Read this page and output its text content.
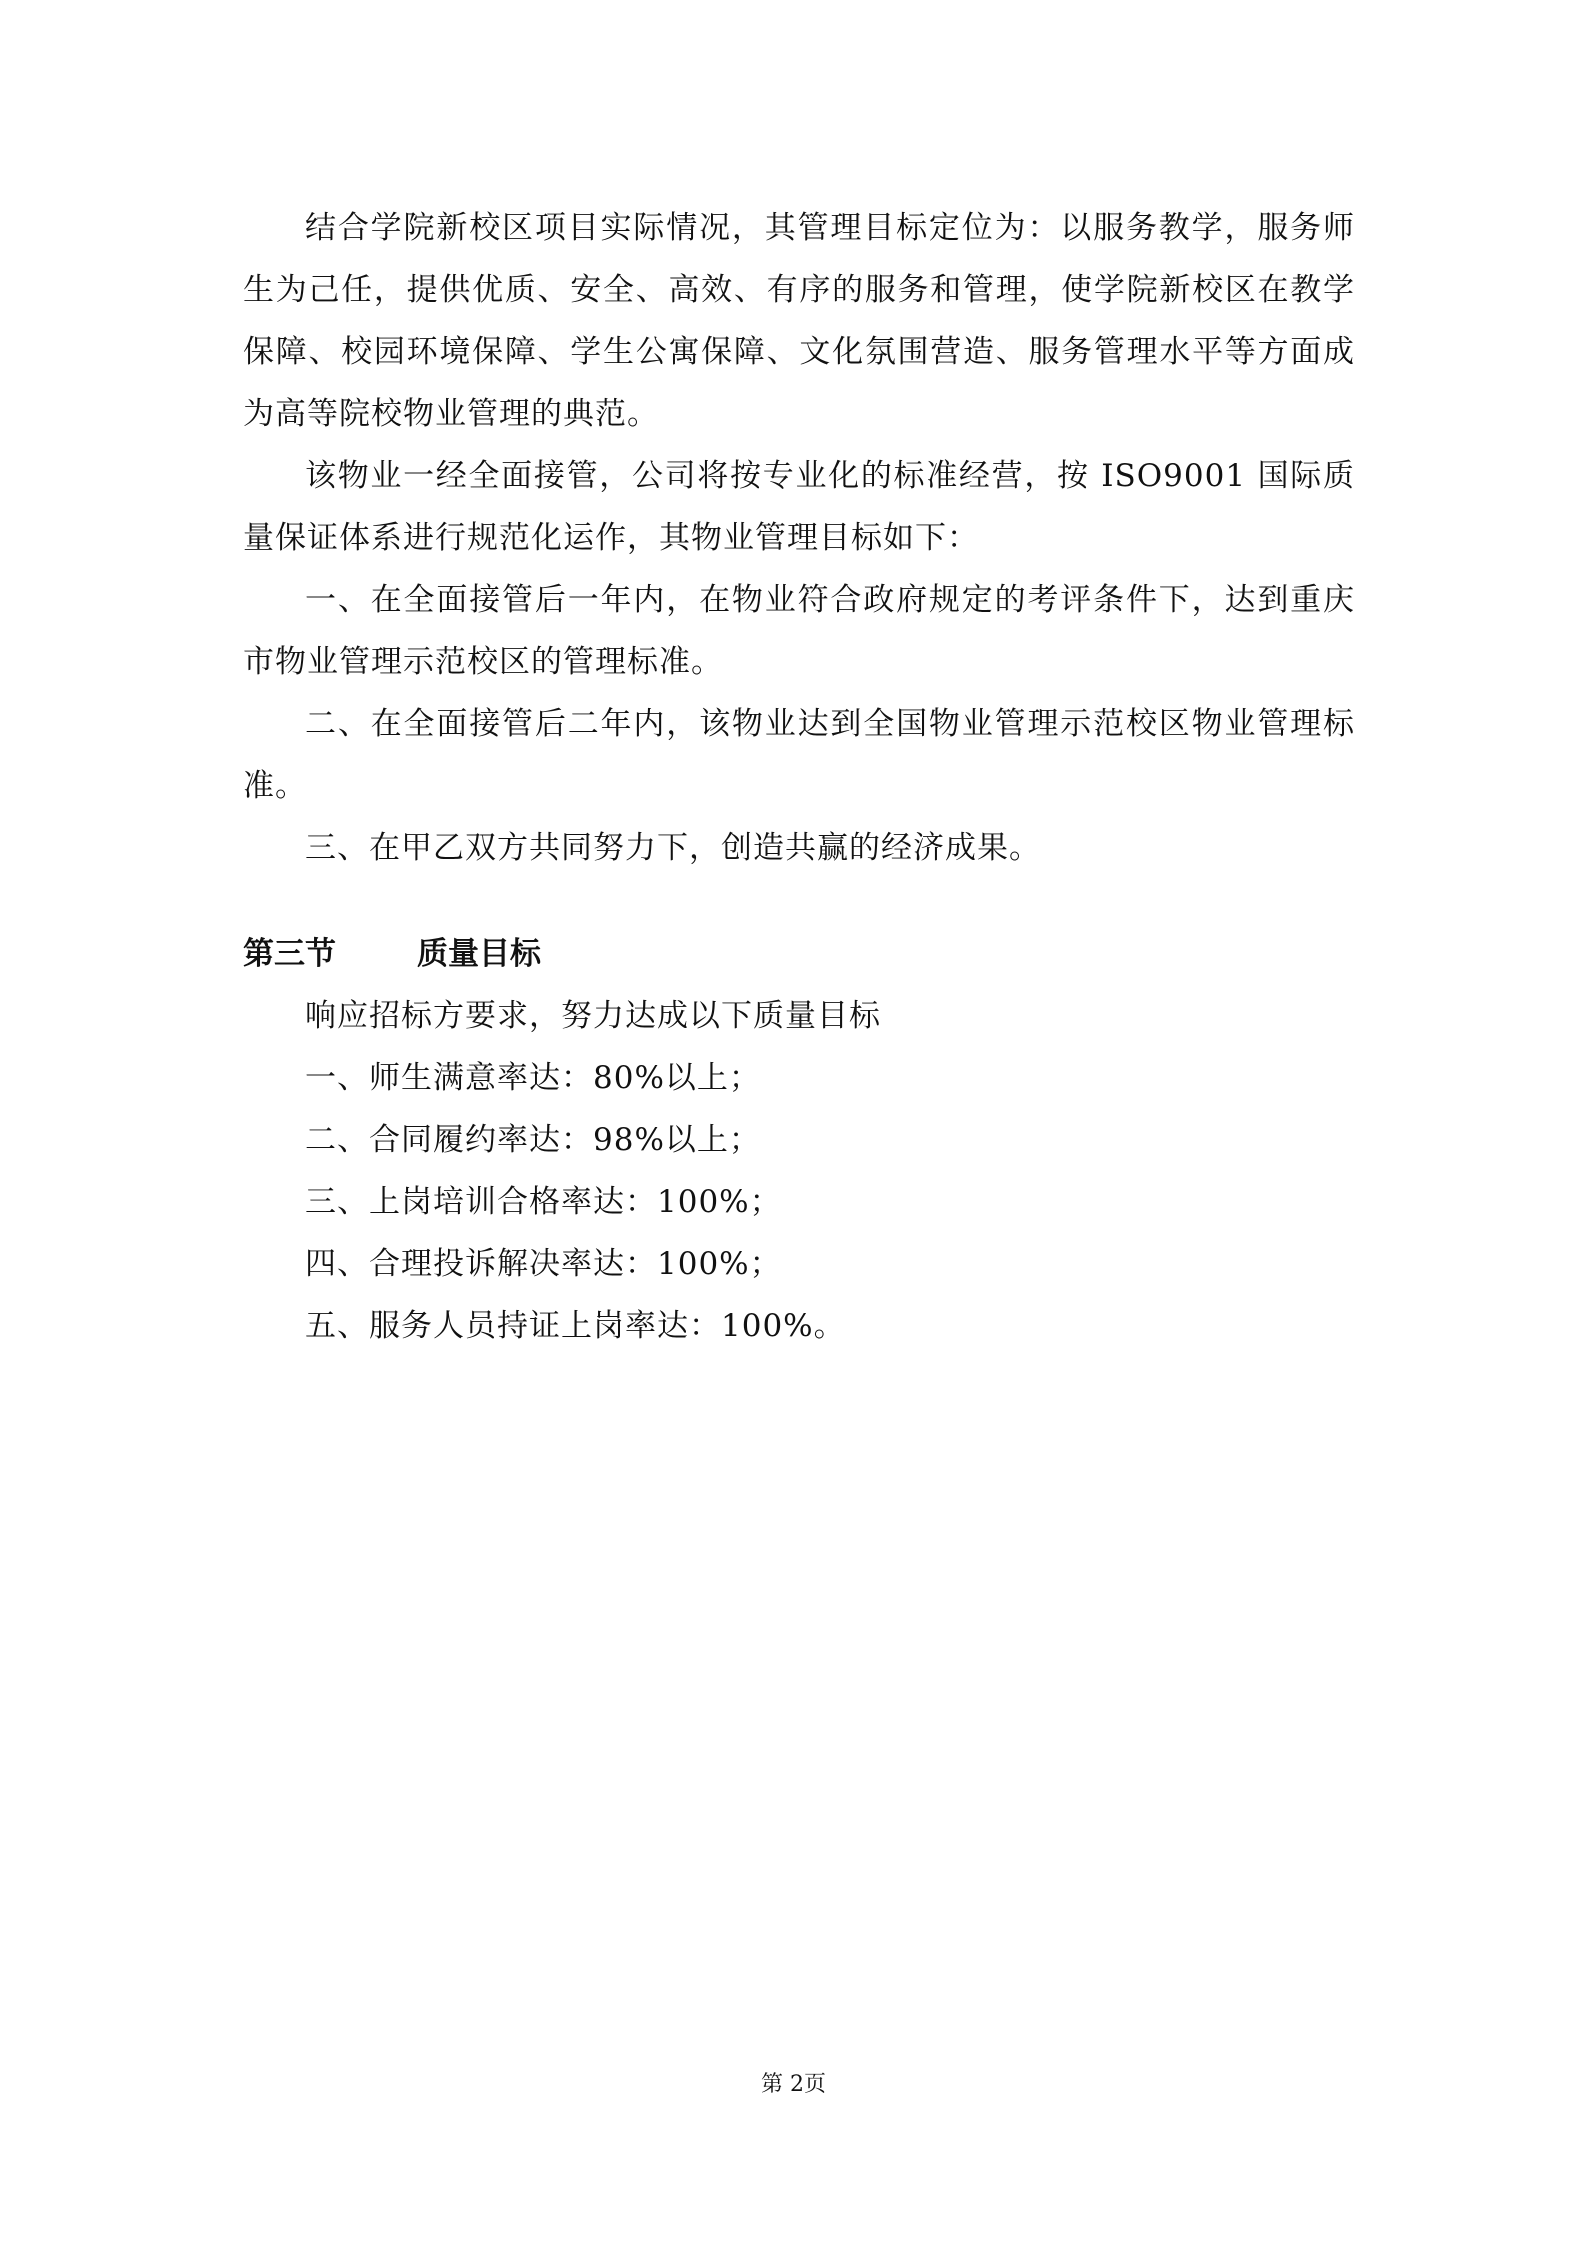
结合学院新校区项目实际情况，其管理目标定位为：以服务教学，服务师生为己任，提供优质、安全、高效、有序的服务和管理，使学院新校区在教学保障、校园环境保障、学生公寓保障、文化氛围营造、服务管理水平等方面成为高等院校物业管理的典范。

该物业一经全面接管，公司将按专业化的标准经营，按 ISO9001 国际质量保证体系进行规范化运作，其物业管理目标如下：

一、在全面接管后一年内，在物业符合政府规定的考评条件下，达到重庆市物业管理示范校区的管理标准。

二、在全面接管后二年内，该物业达到全国物业管理示范校区物业管理标准。

三、在甲乙双方共同努力下，创造共赢的经济成果。

第三节	质量目标

响应招标方要求，努力达成以下质量目标

一、师生满意率达：80%以上；

二、合同履约率达：98%以上；

三、上岗培训合格率达：100%；

四、合理投诉解决率达：100%；

五、服务人员持证上岗率达：100%。

第 2页
